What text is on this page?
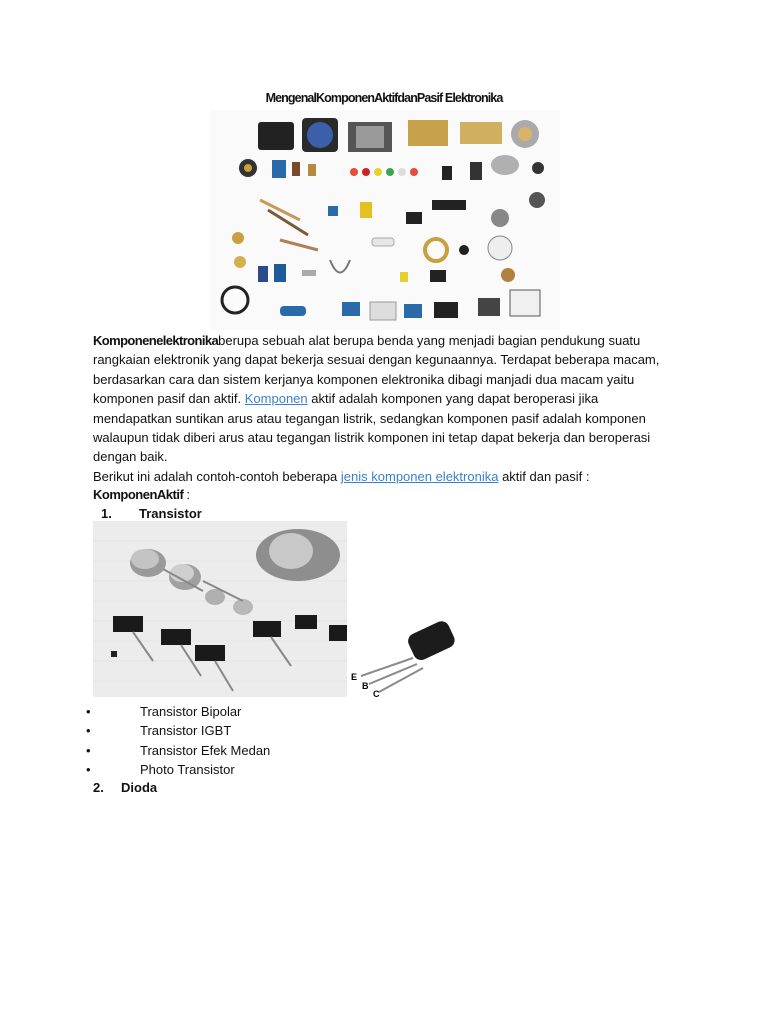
MengenalKomponenAktifdanPasif Elektronika
Komponenelektronikaberupa sebuah alat berupa benda yang menjadi bagian pendukung suatu rangkaian elektronik yang dapat bekerja sesuai dengan kegunaannya. Terdapat beberapa macam, berdasarkan cara dan sistem kerjanya komponen elektronika dibagi manjadi dua macam yaitu komponen pasif dan aktif. Komponen aktif adalah komponen yang dapat beroperasi jika mendapatkan suntikan arus atau tegangan listrik, sedangkan komponen pasif adalah komponen walaupun tidak diberi arus atau tegangan listrik komponen ini tetap dapat bekerja dan beroperasi dengan baik.
Berikut ini adalah contoh-contoh beberapa jenis komponen elektronika aktif dan pasif :
KomponenAktif :
1. Transistor
E
B
C
•	Transistor Bipolar
•	Transistor IGBT
•	Transistor Efek Medan
•	Photo Transistor
2. Dioda
